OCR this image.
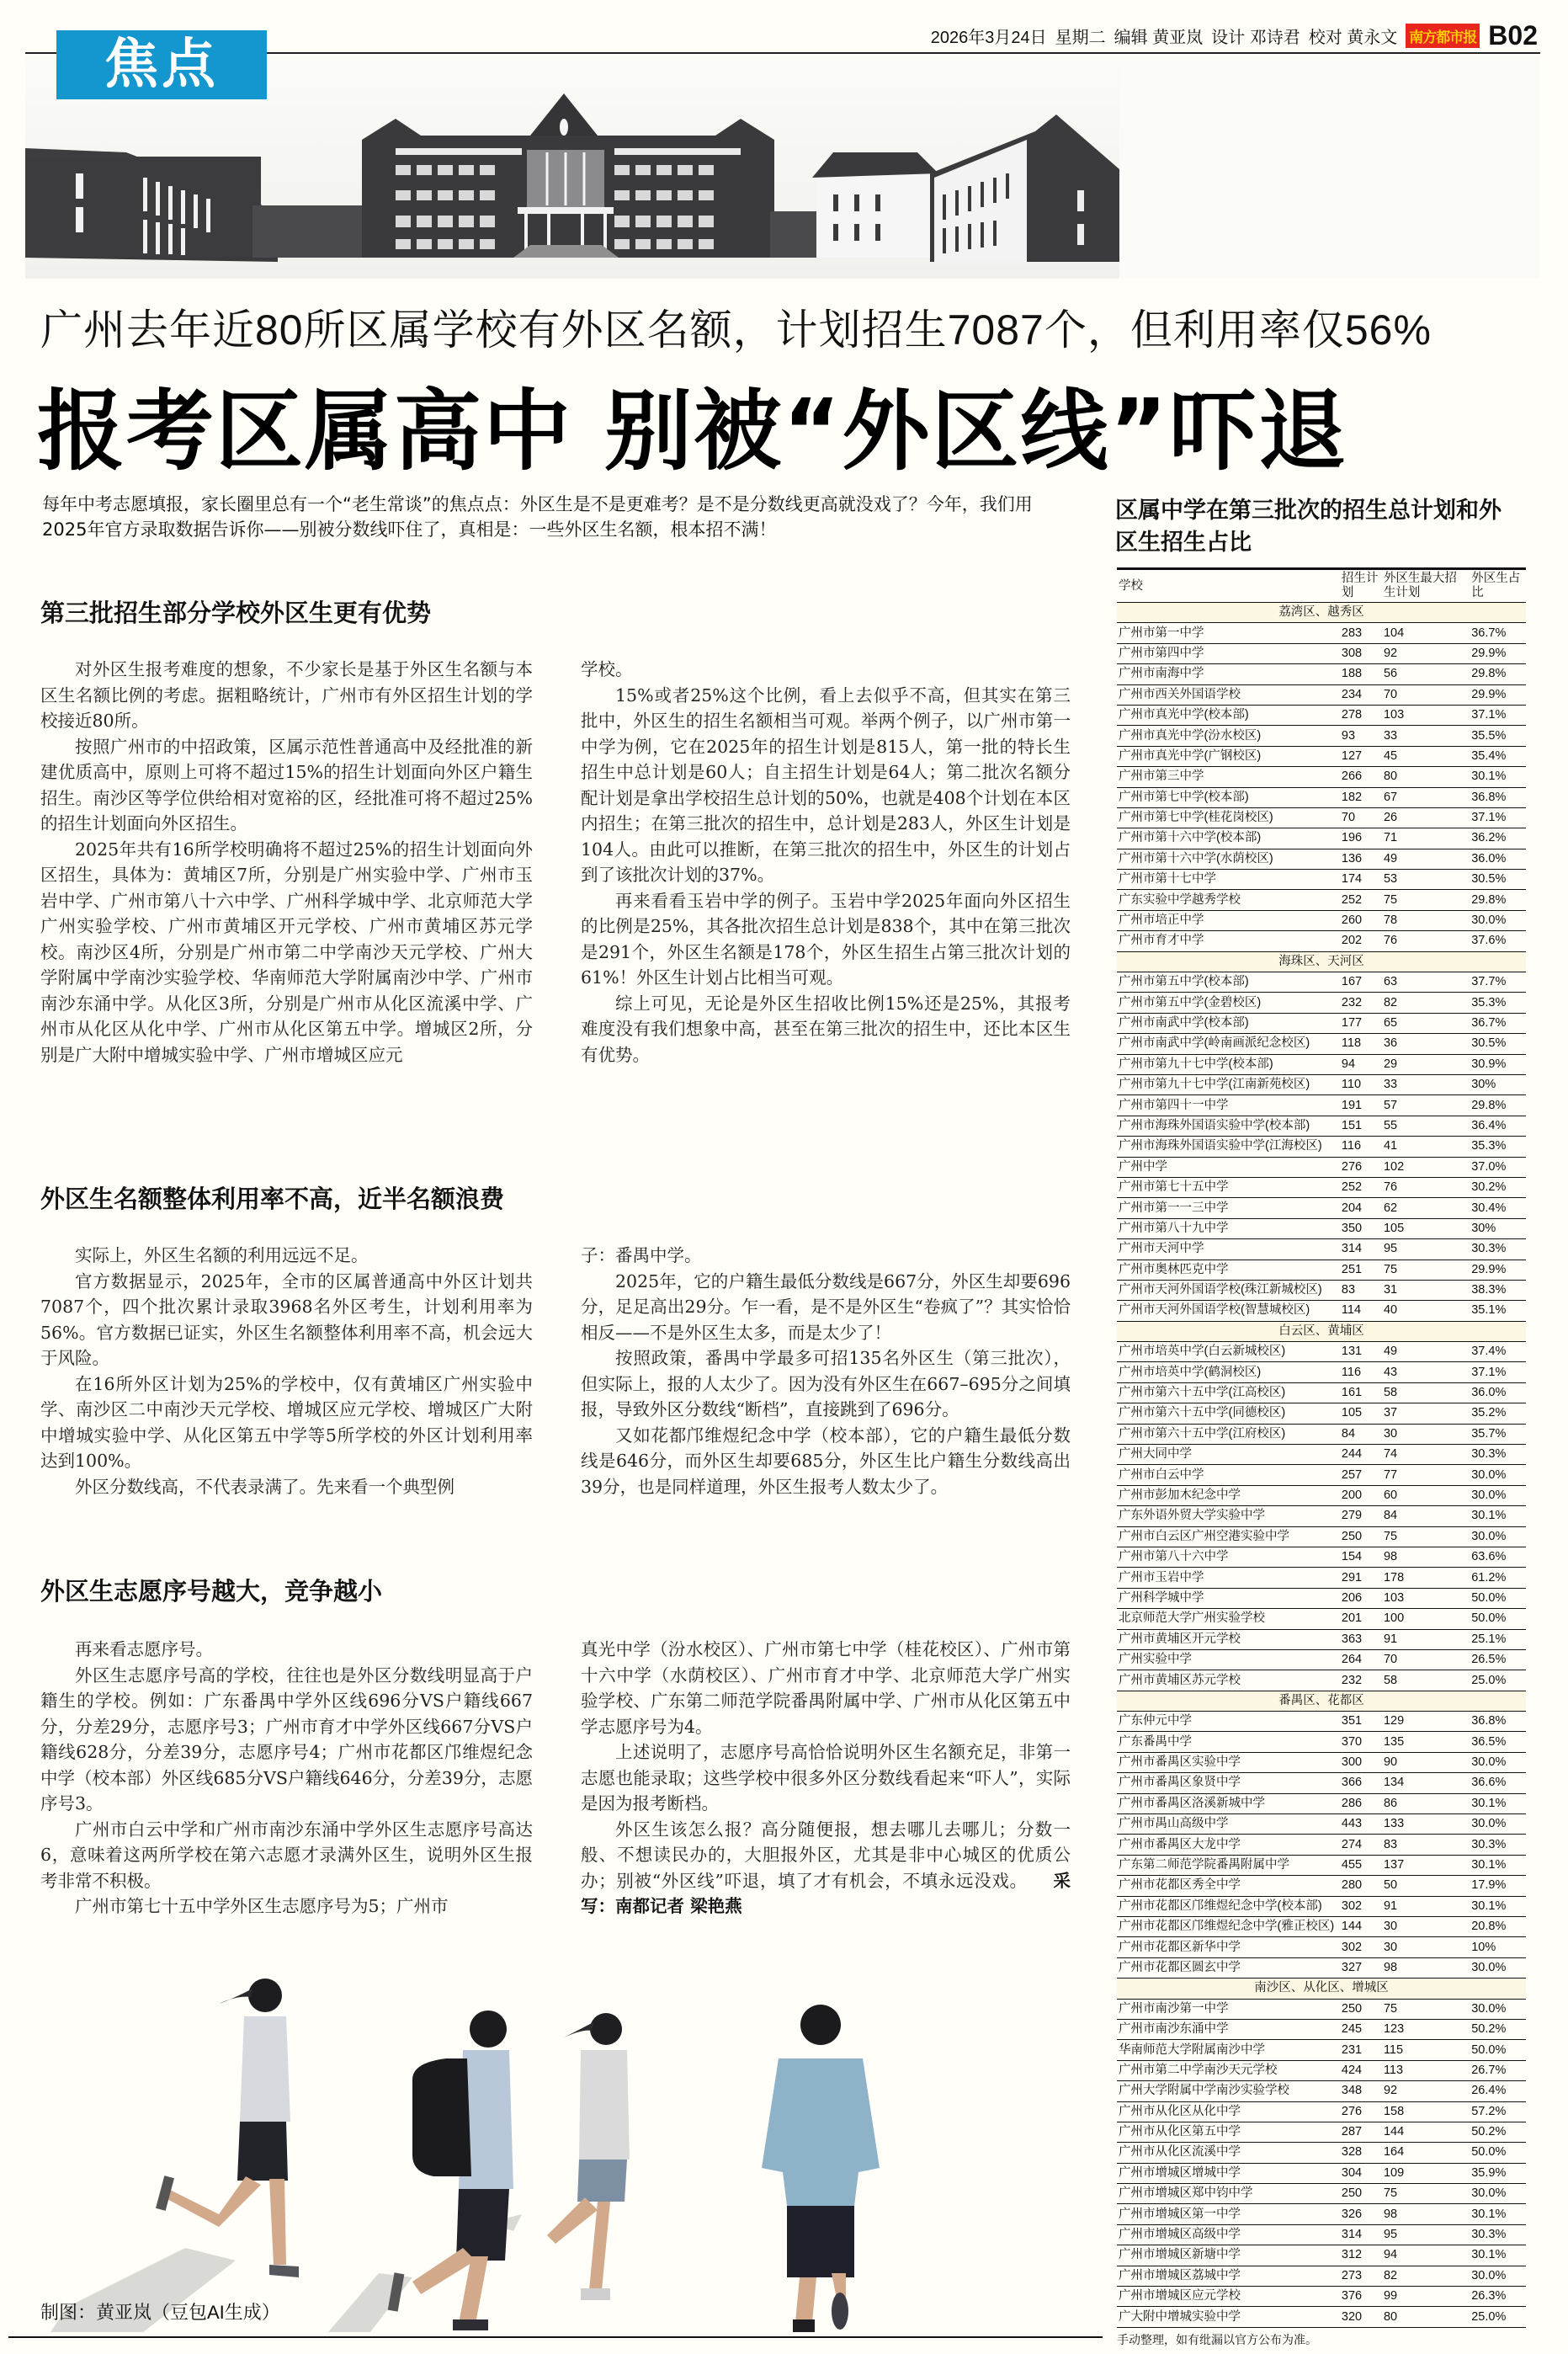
焦点	2026年3月24日 星期二 编辑 黄亚岚 设计 邓诗君 校对 黄永文 南方都市报 B02
广州去年近80所区属学校有外区名额，计划招生7087个，但利用率仅56%
报考区属高中 别被“外区线”吓退
每年中考志愿填报，家长圈里总有一个“老生常谈”的焦点点：外区生是不是更难考？是不是分数线更高就没戏了？今年，我们用2025年官方录取数据告诉你——别被分数线吓住了，真相是：一些外区生名额，根本招不满！
第三批招生部分学校外区生更有优势

对外区生报考难度的想象，不少家长是基于外区生名额与本区生名额比例的考虑。据粗略统计，广州市有外区招生计划的学校接近80所。

按照广州市的中招政策，区属示范性普通高中及经批准的新建优质高中，原则上可将不超过15%的招生计划面向外区户籍生招生。南沙区等学位供给相对宽裕的区，经批准可将不超过25%的招生计划面向外区招生。

2025年共有16所学校明确将不超过25%的招生计划面向外区招生，具体为：黄埔区7所，分别是广州实验中学、广州市玉岩中学、广州市第八十六中学、广州科学城中学、北京师范大学广州实验学校、广州市黄埔区开元学校、广州市黄埔区苏元学校。南沙区4所，分别是广州市第二中学南沙天元学校、广州大学附属中学南沙实验学校、华南师范大学附属南沙中学、广州市南沙东涌中学。从化区3所，分别是广州市从化区流溪中学、广州市从化区从化中学、广州市从化区第五中学。增城区2所，分别是广大附中增城实验中学、广州市增城区应元

学校。

15%或者25%这个比例，看上去似乎不高，但其实在第三批中，外区生的招生名额相当可观。举两个例子，以广州市第一中学为例，它在2025年的招生计划是815人，第一批的特长生招生中总计划是60人；自主招生计划是64人；第二批次名额分配计划是拿出学校招生总计划的50%，也就是408个计划在本区内招生；在第三批次的招生中，总计划是283人，外区生计划是104人。由此可以推断，在第三批次的招生中，外区生的计划占到了该批次计划的37%。

再来看看玉岩中学的例子。玉岩中学2025年面向外区招生的比例是25%，其各批次招生总计划是838个，其中在第三批次是291个，外区生名额是178个，外区生招生占第三批次计划的61%！外区生计划占比相当可观。

综上可见，无论是外区生招收比例15%还是25%，其报考难度没有我们想象中高，甚至在第三批次的招生中，还比本区生有优势。

外区生名额整体利用率不高，近半名额浪费

实际上，外区生名额的利用远远不足。

官方数据显示，2025年，全市的区属普通高中外区计划共7087个，四个批次累计录取3968名外区考生，计划利用率为56%。官方数据已证实，外区生名额整体利用率不高，机会远大于风险。

在16所外区计划为25%的学校中，仅有黄埔区广州实验中学、南沙区二中南沙天元学校、增城区应元学校、增城区广大附中增城实验中学、从化区第五中学等5所学校的外区计划利用率达到100%。

外区分数线高，不代表录满了。先来看一个典型例

子：番禺中学。

2025年，它的户籍生最低分数线是667分，外区生却要696分，足足高出29分。乍一看，是不是外区生“卷疯了”？其实恰恰相反——不是外区生太多，而是太少了！

按照政策，番禺中学最多可招135名外区生（第三批次），但实际上，报的人太少了。因为没有外区生在667–695分之间填报，导致外区分数线“断档”，直接跳到了696分。

又如花都邝维煜纪念中学（校本部），它的户籍生最低分数线是646分，而外区生却要685分，外区生比户籍生分数线高出39分，也是同样道理，外区生报考人数太少了。

外区生志愿序号越大，竞争越小

再来看志愿序号。

外区生志愿序号高的学校，往往也是外区分数线明显高于户籍生的学校。例如：广东番禺中学外区线696分VS户籍线667分，分差29分，志愿序号3；广州市育才中学外区线667分VS户籍线628分，分差39分，志愿序号4；广州市花都区邝维煜纪念中学（校本部）外区线685分VS户籍线646分，分差39分，志愿序号3。

广州市白云中学和广州市南沙东涌中学外区生志愿序号高达6，意味着这两所学校在第六志愿才录满外区生，说明外区生报考非常不积极。

广州市第七十五中学外区生志愿序号为5；广州市

真光中学（汾水校区）、广州市第七中学（桂花校区）、广州市第十六中学（水荫校区）、广州市育才中学、北京师范大学广州实验学校、广东第二师范学院番禺附属中学、广州市从化区第五中学志愿序号为4。

上述说明了，志愿序号高恰恰说明外区生名额充足，非第一志愿也能录取；这些学校中很多外区分数线看起来“吓人”，实际是因为报考断档。

外区生该怎么报？高分随便报，想去哪儿去哪儿；分数一般、不想读民办的，大胆报外区，尤其是非中心城区的优质公办；别被“外区线”吓退，填了才有机会，不填永远没戏。 采写：南都记者 梁艳燕

制图：黄亚岚（豆包AI生成）
区属中学在第三批次的招生总计划和外区生招生占比
学校	招生计划	外区生最大招生计划	外区生占比
荔湾区、越秀区			
广州市第一中学	283	104	36.7%
广州市第四中学	308	92	29.9%
广州市南海中学	188	56	29.8%
广州市西关外国语学校	234	70	29.9%
广州市真光中学(校本部)	278	103	37.1%
广州市真光中学(汾水校区)	93	33	35.5%
广州市真光中学(广钢校区)	127	45	35.4%
广州市第三中学	266	80	30.1%
广州市第七中学(校本部)	182	67	36.8%
广州市第七中学(桂花岗校区)	70	26	37.1%
广州市第十六中学(校本部)	196	71	36.2%
广州市第十六中学(水荫校区)	136	49	36.0%
广州市第十七中学	174	53	30.5%
广东实验中学越秀学校	252	75	29.8%
广州市培正中学	260	78	30.0%
广州市育才中学	202	76	37.6%
海珠区、天河区			
广州市第五中学(校本部)	167	63	37.7%
广州市第五中学(金碧校区)	232	82	35.3%
广州市南武中学(校本部)	177	65	36.7%
广州市南武中学(岭南画派纪念校区)	118	36	30.5%
广州市第九十七中学(校本部)	94	29	30.9%
广州市第九十七中学(江南新苑校区)	110	33	30%
广州市第四十一中学	191	57	29.8%
广州市海珠外国语实验中学(校本部)	151	55	36.4%
广州市海珠外国语实验中学(江海校区)	116	41	35.3%
广州中学	276	102	37.0%
广州市第七十五中学	252	76	30.2%
广州市第一一三中学	204	62	30.4%
广州市第八十九中学	350	105	30%
广州市天河中学	314	95	30.3%
广州市奥林匹克中学	251	75	29.9%
广州市天河外国语学校(珠江新城校区)	83	31	38.3%
广州市天河外国语学校(智慧城校区)	114	40	35.1%
白云区、黄埔区			
广州市培英中学(白云新城校区)	131	49	37.4%
广州市培英中学(鹤洞校区)	116	43	37.1%
广州市第六十五中学(江高校区)	161	58	36.0%
广州市第六十五中学(同德校区)	105	37	35.2%
广州市第六十五中学(江府校区)	84	30	35.7%
广州大同中学	244	74	30.3%
广州市白云中学	257	77	30.0%
广州市彭加木纪念中学	200	60	30.0%
广东外语外贸大学实验中学	279	84	30.1%
广州市白云区广州空港实验中学	250	75	30.0%
广州市第八十六中学	154	98	63.6%
广州市玉岩中学	291	178	61.2%
广州科学城中学	206	103	50.0%
北京师范大学广州实验学校	201	100	50.0%
广州市黄埔区开元学校	363	91	25.1%
广州实验中学	264	70	26.5%
广州市黄埔区苏元学校	232	58	25.0%
番禺区、花都区			
广东仲元中学	351	129	36.8%
广东番禺中学	370	135	36.5%
广州市番禺区实验中学	300	90	30.0%
广州市番禺区象贤中学	366	134	36.6%
广州市番禺区洛溪新城中学	286	86	30.1%
广州市禺山高级中学	443	133	30.0%
广州市番禺区大龙中学	274	83	30.3%
广东第二师范学院番禺附属中学	455	137	30.1%
广州市花都区秀全中学	280	50	17.9%
广州市花都区邝维煜纪念中学(校本部)	302	91	30.1%
广州市花都区邝维煜纪念中学(雅正校区)	144	30	20.8%
广州市花都区新华中学	302	30	10%
广州市花都区圆玄中学	327	98	30.0%
南沙区、从化区、增城区			
广州市南沙第一中学	250	75	30.0%
广州市南沙东涌中学	245	123	50.2%
华南师范大学附属南沙中学	231	115	50.0%
广州市第二中学南沙天元学校	424	113	26.7%
广州大学附属中学南沙实验学校	348	92	26.4%
广州市从化区从化中学	276	158	57.2%
广州市从化区第五中学	287	144	50.2%
广州市从化区流溪中学	328	164	50.0%
广州市增城区增城中学	304	109	35.9%
广州市增城区郑中钧中学	250	75	30.0%
广州市增城区第一中学	326	98	30.1%
广州市增城区高级中学	314	95	30.3%
广州市增城区新塘中学	312	94	30.1%
广州市增城区荔城中学	273	82	30.0%
广州市增城区应元学校	376	99	26.3%
广大附中增城实验中学	320	80	25.0%
手动整理，如有纰漏以官方公布为准。
